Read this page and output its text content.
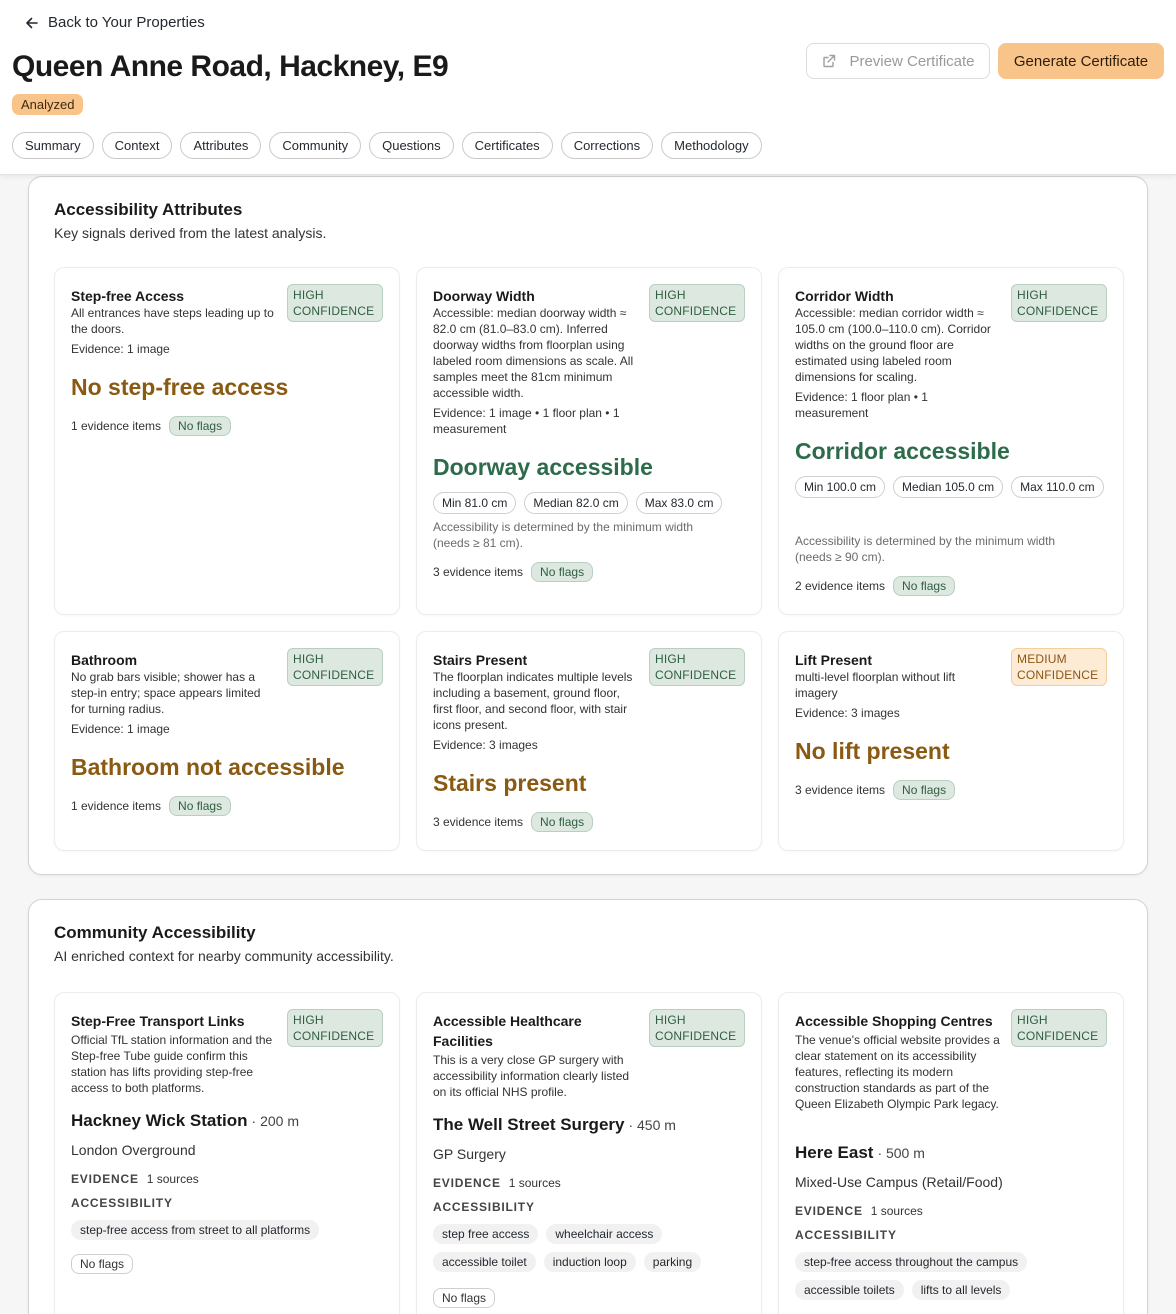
Back to Your Properties
Queen Anne Road, Hackney, E9
Analyzed
Preview Certificate	Generate Certificate
Summary	Context	Attributes	Community	Questions	Certificates	Corrections	Methodology
Accessibility Attributes
Key signals derived from the latest analysis.
Step-free Access	HIGH CONFIDENCE
All entrances have steps leading up to the doors.
Evidence: 1 image
No step-free access
1 evidence items	No flags
Doorway Width	HIGH CONFIDENCE
Accessible: median doorway width ≈ 82.0 cm (81.0–83.0 cm). Inferred doorway widths from floorplan using labeled room dimensions as scale. All samples meet the 81cm minimum accessible width.
Evidence: 1 image • 1 floor plan • 1 measurement
Doorway accessible
Min 81.0 cm	Median 82.0 cm	Max 83.0 cm
Accessibility is determined by the minimum width (needs ≥ 81 cm).
3 evidence items	No flags
Corridor Width	HIGH CONFIDENCE
Accessible: median corridor width ≈ 105.0 cm (100.0–110.0 cm). Corridor widths on the ground floor are estimated using labeled room dimensions for scaling.
Evidence: 1 floor plan • 1 measurement
Corridor accessible
Min 100.0 cm	Median 105.0 cm	Max 110.0 cm
Accessibility is determined by the minimum width (needs ≥ 90 cm).
2 evidence items	No flags
Bathroom	HIGH CONFIDENCE
No grab bars visible; shower has a step-in entry; space appears limited for turning radius.
Evidence: 1 image
Bathroom not accessible
1 evidence items	No flags
Stairs Present	HIGH CONFIDENCE
The floorplan indicates multiple levels including a basement, ground floor, first floor, and second floor, with stair icons present.
Evidence: 3 images
Stairs present
3 evidence items	No flags
Lift Present	MEDIUM CONFIDENCE
multi-level floorplan without lift imagery
Evidence: 3 images
No lift present
3 evidence items	No flags
Community Accessibility
AI enriched context for nearby community accessibility.
Step-Free Transport Links	HIGH CONFIDENCE
Official TfL station information and the Step-free Tube guide confirm this station has lifts providing step-free access to both platforms.
Hackney Wick Station · 200 m
London Overground
EVIDENCE 1 sources
ACCESSIBILITY
step-free access from street to all platforms
No flags
Accessible Healthcare Facilities
HIGH CONFIDENCE
This is a very close GP surgery with accessibility information clearly listed on its official NHS profile.
The Well Street Surgery · 450 m
GP Surgery
EVIDENCE 1 sources
ACCESSIBILITY
step free access	wheelchair access
accessible toilet	induction loop	parking
No flags
Accessible Shopping Centres	HIGH CONFIDENCE
The venue's official website provides a clear statement on its accessibility features, reflecting its modern construction standards as part of the Queen Elizabeth Olympic Park legacy.
Here East · 500 m
Mixed-Use Campus (Retail/Food)
EVIDENCE 1 sources
ACCESSIBILITY
step-free access throughout the campus
accessible toilets	lifts to all levels
